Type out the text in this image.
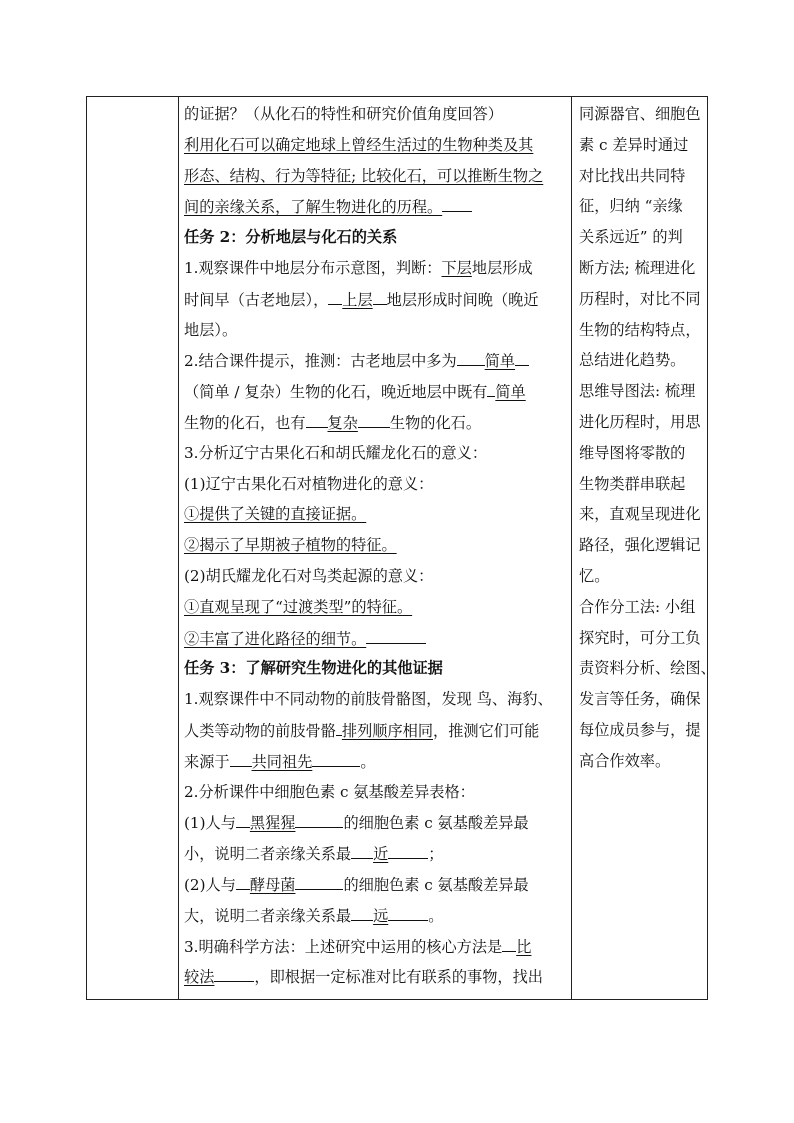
的证据？（从化石的特性和研究价值角度回答）
利用化石可以确定地球上曾经生活过的生物种类及其
形态、结构、行为等特征; 比较化石，可以推断生物之
间的亲缘关系，了解生物进化的历程。
任务 2：分析地层与化石的关系
1.观察课件中地层分布示意图，判断：下层地层形成
时间早（古老地层）， 上层 地层形成时间晚（晚近
地层）。
2.结合课件提示，推测：古老地层中多为 简单
（简单 / 复杂）生物的化石，晚近地层中既有 简单
生物的化石，也有 复杂 生物的化石。
3.分析辽宁古果化石和胡氏耀龙化石的意义：
(1)辽宁古果化石对植物进化的意义：
①提供了关键的直接证据。
②揭示了早期被子植物的特征。
(2)胡氏耀龙化石对鸟类起源的意义：
①直观呈现了“过渡类型”的特征。
②丰富了进化路径的细节。
任务 3：了解研究生物进化的其他证据
1.观察课件中不同动物的前肢骨骼图，发现 鸟、海豹、
人类等动物的前肢骨骼 排列顺序相同，推测它们可能
来源于 共同祖先	。
2.分析课件中细胞色素 c 氨基酸差异表格：
(1)人与 黑猩猩	的细胞色素 c 氨基酸差异最
小，说明二者亲缘关系最 近	；
(2)人与 酵母菌	的细胞色素 c 氨基酸差异最
大，说明二者亲缘关系最 远	。
3.明确科学方法：上述研究中运用的核心方法是 比
较法	，即根据一定标准对比有联系的事物，找出
同源器官、细胞色
素 c 差异时通过
对比找出共同特
征，归纳 “亲缘
关系远近” 的判
断方法; 梳理进化
历程时，对比不同
生物的结构特点，
总结进化趋势。
思维导图法: 梳理
进化历程时，用思
维导图将零散的
生物类群串联起
来，直观呈现进化
路径，强化逻辑记
忆。
合作分工法: 小组
探究时，可分工负
责资料分析、绘图、
发言等任务，确保
每位成员参与，提
高合作效率。
